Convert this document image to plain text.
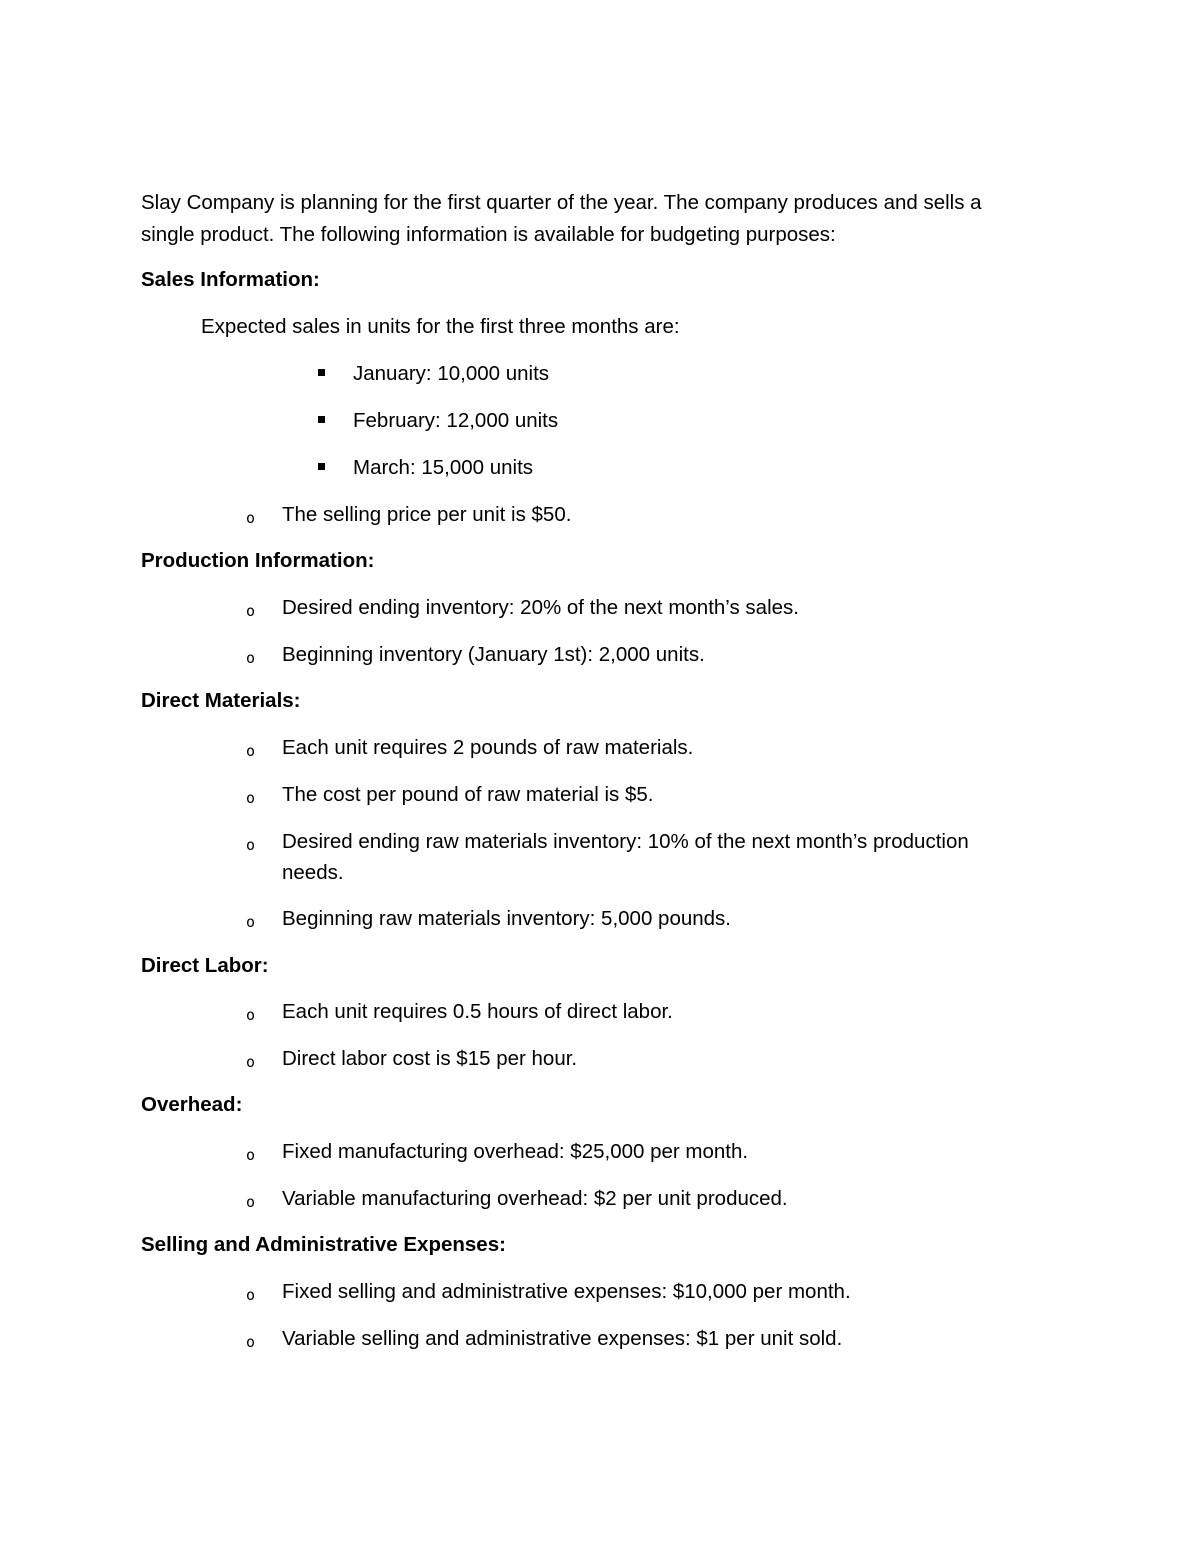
Slay Company is planning for the first quarter of the year. The company produces and sells a
single product. The following information is available for budgeting purposes:
Sales Information:
Expected sales in units for the first three months are:
January: 10,000 units
February: 12,000 units
March: 15,000 units
o The selling price per unit is $50.
Production Information:
o Desired ending inventory: 20% of the next month’s sales.
o Beginning inventory (January 1st): 2,000 units.
Direct Materials:
o Each unit requires 2 pounds of raw materials.
o The cost per pound of raw material is $5.
o Desired ending raw materials inventory: 10% of the next month’s production
needs.
o Beginning raw materials inventory: 5,000 pounds.
Direct Labor:
o Each unit requires 0.5 hours of direct labor.
o Direct labor cost is $15 per hour.
Overhead:
o Fixed manufacturing overhead: $25,000 per month.
o Variable manufacturing overhead: $2 per unit produced.
Selling and Administrative Expenses:
o Fixed selling and administrative expenses: $10,000 per month.
o Variable selling and administrative expenses: $1 per unit sold.
